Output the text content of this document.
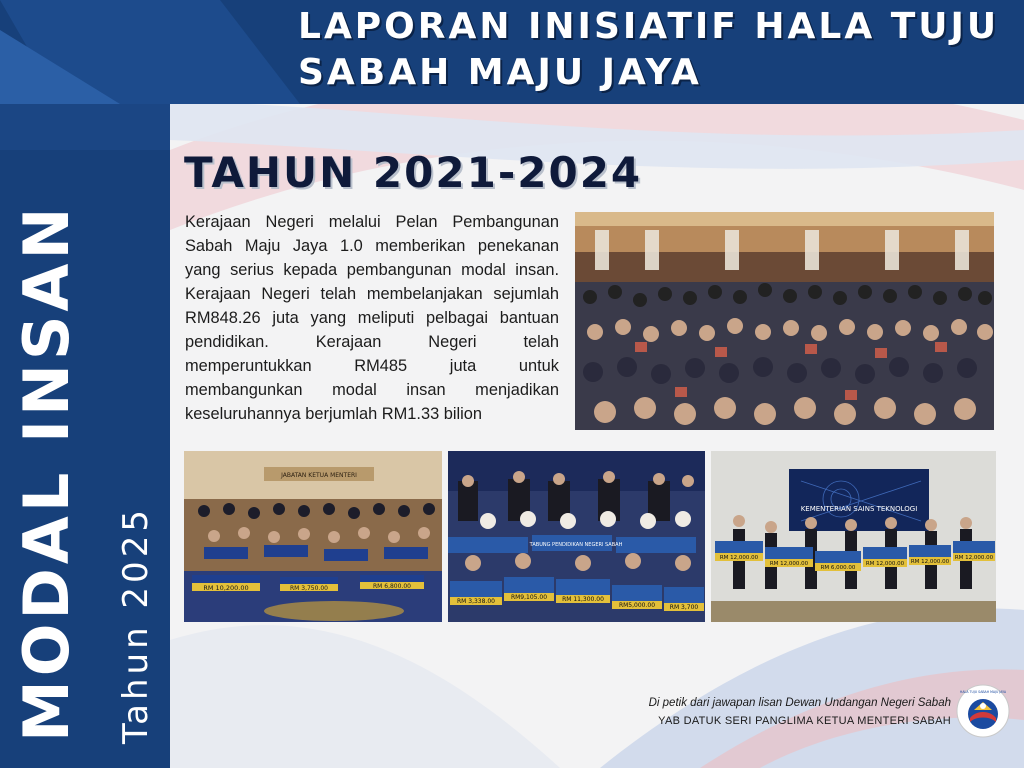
LAPORAN INISIATIF HALA TUJU
SABAH MAJU JAYA
MODAL INSAN Tahun 2025
TAHUN 2021-2024
Kerajaan Negeri melalui Pelan Pembangunan Sabah Maju Jaya 1.0 memberikan penekanan yang serius kepada pembangunan modal insan. Kerajaan Negeri telah membelanjakan sejumlah RM848.26 juta yang meliputi pelbagai bantuan pendidikan. Kerajaan Negeri telah memperuntukkan RM485 juta untuk membangunkan modal insan menjadikan keseluruhannya berjumlah RM1.33 bilion
JABATAN KETUA MENTERI
RM 10,200.00	RM 3,750.00	RM 6,800.00
TABUNG PENDIDIKAN NEGERI SABAH
RM 3,338.00
RM9,105.00	RM 11,300.00
RM5,000.00 RM 3,700
KEMENTERIAN SAINS TEKNOLOGI
RM 12,000.00
RM 12,000.00
RM 6,000.00
RM 12,000.00 RM 12,000.00
RM 12,000.00
Di petik dari jawapan lisan Dewan Undangan Negeri Sabah
YAB DATUK SERI PANGLIMA KETUA MENTERI SABAH
HALA TUJU SABAH MAJU JAYA
